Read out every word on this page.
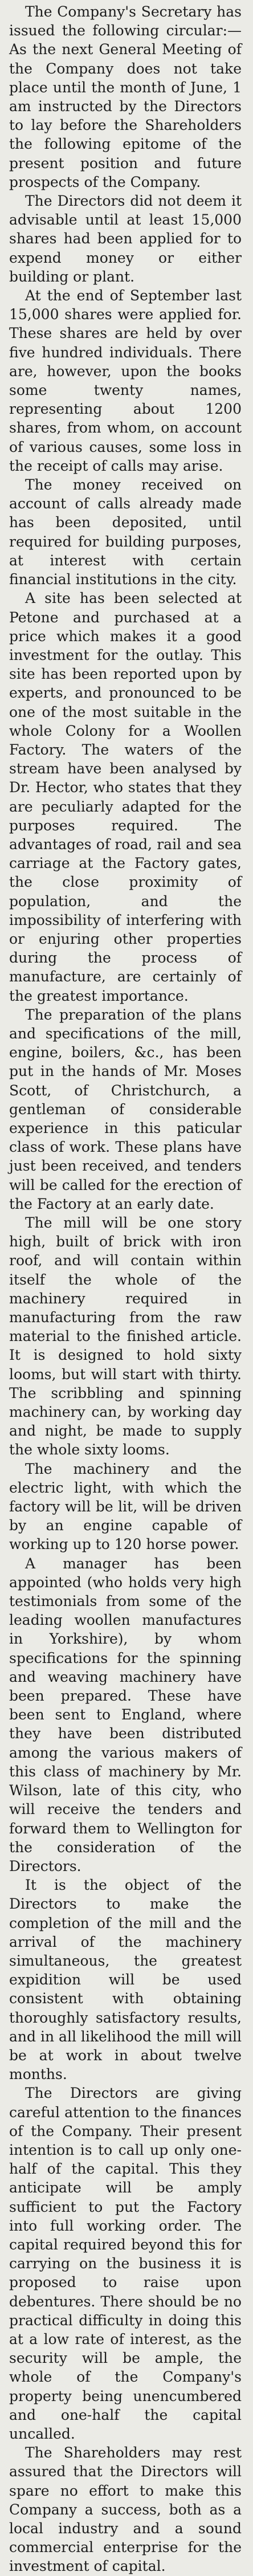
The Company's Secretary has issued the following circular:—As the next General Meeting of the Company does not take place until the month of June, 1 am instructed by the Directors to lay before the Shareholders the following epitome of the present position and future prospects of the Company.

The Directors did not deem it advisable until at least 15,000 shares had been applied for to expend money or either building or plant.

At the end of September last 15,000 shares were applied for. These shares are held by over five hundred individuals. There are, however, upon the books some twenty names, representing about 1200 shares, from whom, on account of various causes, some loss in the receipt of calls may arise.

The money received on account of calls already made has been deposited, until required for building purposes, at interest with certain financial institutions in the city.

A site has been selected at Petone and purchased at a price which makes it a good investment for the outlay. This site has been reported upon by experts, and pronounced to be one of the most suitable in the whole Colony for a Woollen Factory. The waters of the stream have been analysed by Dr. Hector, who states that they are peculiarly adapted for the purposes required. The advantages of road, rail and sea carriage at the Factory gates, the close proximity of population, and the impossibility of interfering with or enjuring other properties during the process of manufacture, are certainly of the greatest importance.

The preparation of the plans and specifications of the mill, engine, boilers, &c., has been put in the hands of Mr. Moses Scott, of Christchurch, a gentleman of considerable experience in this paticular class of work. These plans have just been received, and tenders will be called for the erection of the Factory at an early date.

The mill will be one story high, built of brick with iron roof, and will contain within itself the whole of the machinery required in manufacturing from the raw material to the finished article. It is designed to hold sixty looms, but will start with thirty. The scribbling and spinning machinery can, by working day and night, be made to supply the whole sixty looms.

The machinery and the electric light, with which the factory will be lit, will be driven by an engine capable of working up to 120 horse power.

A manager has been appointed (who holds very high testimonials from some of the leading woollen manufactures in Yorkshire), by whom specifications for the spinning and weaving machinery have been prepared. These have been sent to England, where they have been distributed among the various makers of this class of machinery by Mr. Wilson, late of this city, who will receive the tenders and forward them to Wellington for the consideration of the Directors.

It is the object of the Directors to make the completion of the mill and the arrival of the machinery simultaneous, the greatest expidition will be used consistent with obtaining thoroughly satisfactory results, and in all likelihood the mill will be at work in about twelve months.

The Directors are giving careful attention to the finances of the Company. Their present intention is to call up only one-half of the capital. This they anticipate will be amply sufficient to put the Factory into full working order. The capital required beyond this for carrying on the business it is proposed to raise upon debentures. There should be no practical difficulty in doing this at a low rate of interest, as the security will be ample, the whole of the Company's property being unencumbered and one-half the capital uncalled.

The Shareholders may rest assured that the Directors will spare no effort to make this Company a success, both as a local industry and a sound commercial enterprise for the investment of capital.
